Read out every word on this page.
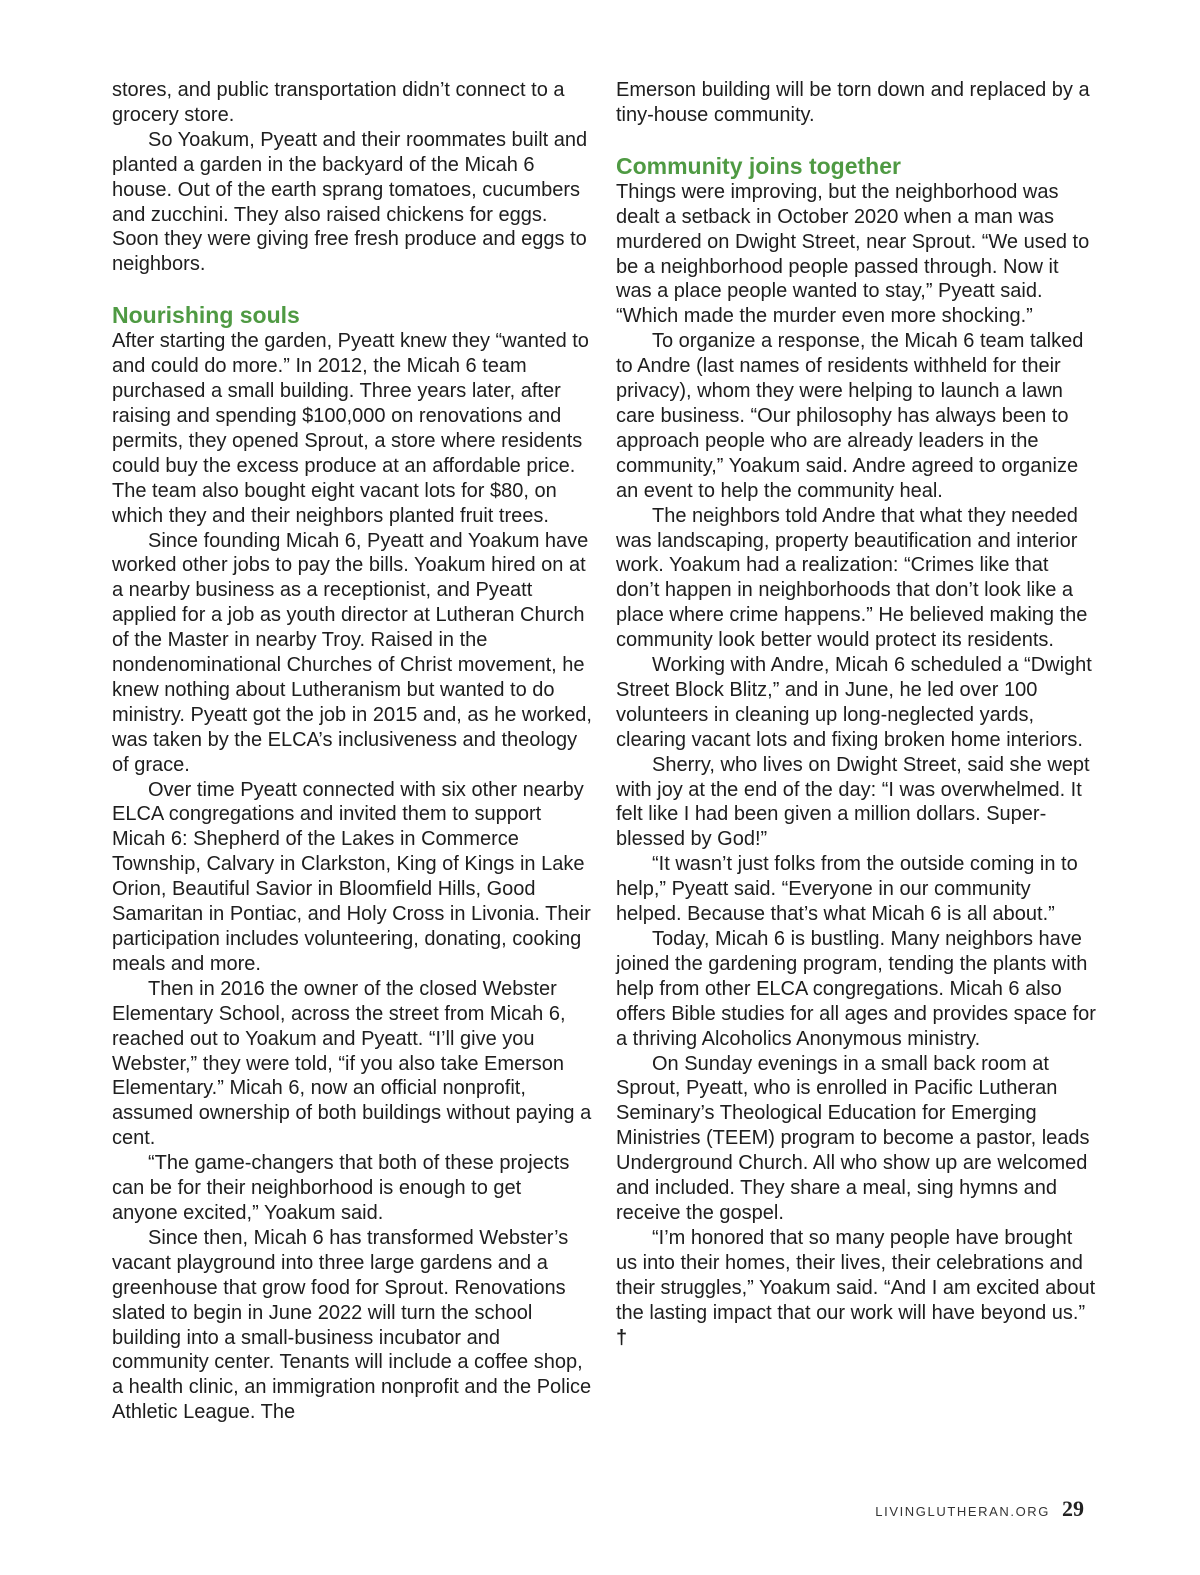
stores, and public transportation didn’t connect to a grocery store.

So Yoakum, Pyeatt and their roommates built and planted a garden in the backyard of the Micah 6 house. Out of the earth sprang tomatoes, cucumbers and zucchini. They also raised chickens for eggs. Soon they were giving free fresh produce and eggs to neighbors.

Nourishing souls

After starting the garden, Pyeatt knew they “wanted to and could do more.” In 2012, the Micah 6 team purchased a small building. Three years later, after raising and spending $100,000 on renovations and permits, they opened Sprout, a store where residents could buy the excess produce at an affordable price. The team also bought eight vacant lots for $80, on which they and their neighbors planted fruit trees.

Since founding Micah 6, Pyeatt and Yoakum have worked other jobs to pay the bills. Yoakum hired on at a nearby business as a receptionist, and Pyeatt applied for a job as youth director at Lutheran Church of the Master in nearby Troy. Raised in the nondenominational Churches of Christ movement, he knew nothing about Lutheranism but wanted to do ministry. Pyeatt got the job in 2015 and, as he worked, was taken by the ELCA’s inclusiveness and theology of grace.

Over time Pyeatt connected with six other nearby ELCA congregations and invited them to support Micah 6: Shepherd of the Lakes in Commerce Township, Calvary in Clarkston, King of Kings in Lake Orion, Beautiful Savior in Bloomfield Hills, Good Samaritan in Pontiac, and Holy Cross in Livonia. Their participation includes volunteering, donating, cooking meals and more.

Then in 2016 the owner of the closed Webster Elementary School, across the street from Micah 6, reached out to Yoakum and Pyeatt. “I’ll give you Webster,” they were told, “if you also take Emerson Elementary.” Micah 6, now an official nonprofit, assumed ownership of both buildings without paying a cent.

“The game-changers that both of these projects can be for their neighborhood is enough to get anyone excited,” Yoakum said.

Since then, Micah 6 has transformed Webster’s vacant playground into three large gardens and a greenhouse that grow food for Sprout. Renovations slated to begin in June 2022 will turn the school building into a small-business incubator and community center. Tenants will include a coffee shop, a health clinic, an immigration nonprofit and the Police Athletic League. The

Emerson building will be torn down and replaced by a tiny-house community.

Community joins together

Things were improving, but the neighborhood was dealt a setback in October 2020 when a man was murdered on Dwight Street, near Sprout. “We used to be a neighborhood people passed through. Now it was a place people wanted to stay,” Pyeatt said. “Which made the murder even more shocking.”

To organize a response, the Micah 6 team talked to Andre (last names of residents withheld for their privacy), whom they were helping to launch a lawn care business. “Our philosophy has always been to approach people who are already leaders in the community,” Yoakum said. Andre agreed to organize an event to help the community heal.

The neighbors told Andre that what they needed was landscaping, property beautification and interior work. Yoakum had a realization: “Crimes like that don’t happen in neighborhoods that don’t look like a place where crime happens.” He believed making the community look better would protect its residents.

Working with Andre, Micah 6 scheduled a “Dwight Street Block Blitz,” and in June, he led over 100 volunteers in cleaning up long-neglected yards, clearing vacant lots and fixing broken home interiors.

Sherry, who lives on Dwight Street, said she wept with joy at the end of the day: “I was overwhelmed. It felt like I had been given a million dollars. Super-blessed by God!”

“It wasn’t just folks from the outside coming in to help,” Pyeatt said. “Everyone in our community helped. Because that’s what Micah 6 is all about.”

Today, Micah 6 is bustling. Many neighbors have joined the gardening program, tending the plants with help from other ELCA congregations. Micah 6 also offers Bible studies for all ages and provides space for a thriving Alcoholics Anonymous ministry.

On Sunday evenings in a small back room at Sprout, Pyeatt, who is enrolled in Pacific Lutheran Seminary’s Theological Education for Emerging Ministries (TEEM) program to become a pastor, leads Underground Church. All who show up are welcomed and included. They share a meal, sing hymns and receive the gospel.

“I’m honored that so many people have brought us into their homes, their lives, their celebrations and their struggles,” Yoakum said. “And I am excited about the lasting impact that our work will have beyond us.” †

LIVINGLUTHERAN.ORG 29
